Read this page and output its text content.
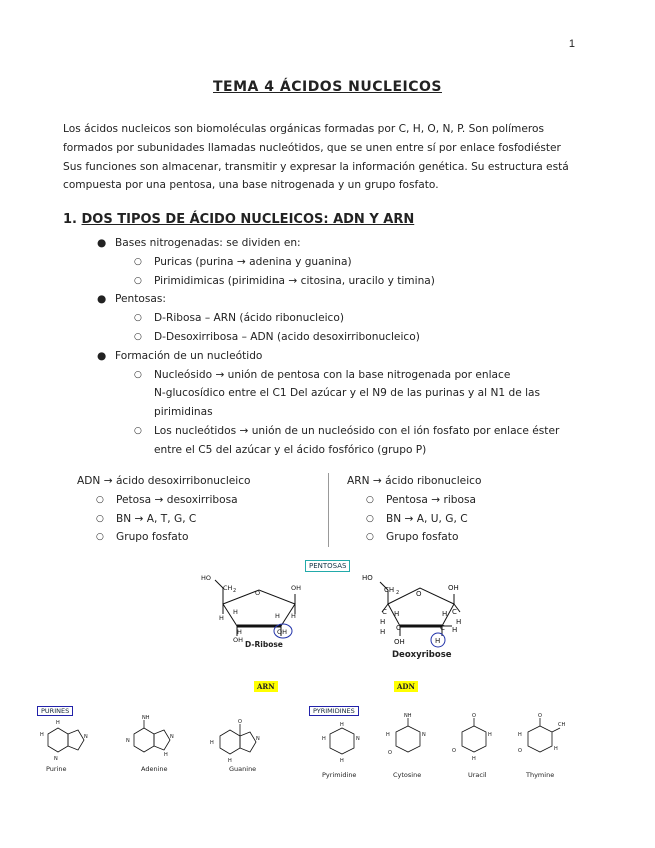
1
TEMA 4 ÁCIDOS NUCLEICOS

Los ácidos nucleicos son biomoléculas orgánicas formadas por C, H, O, N, P. Son polímeros

formados por subunidades llamadas nucleótidos, que se unen entre sí por enlace fosfodiéster

Sus funciones son almacenar, transmitir y expresar la información genética. Su estructura está

compuesta por una pentosa, una base nitrogenada y un grupo fosfato.

1. DOS TIPOS DE ÁCIDO NUCLEICOS: ADN Y ARN
● Bases nitrogenadas: se dividen en:
○ Puricas (purina → adenina y guanina)
○ Pirimidimicas (pirimidina → citosina, uracilo y timina)
● Pentosas:
○ D-Ribosa – ARN (ácido ribonucleico)
○ D-Desoxirribosa – ADN (acido desoxirribonucleico)
● Formación de un nucleótido
○ Nucleósido → unión de pentosa con la base nitrogenada por enlace
N-glucosídico entre el C1 Del azúcar y el N9 de las purinas y al N1 de las
pirimidinas
○ Los nucleótidos → unión de un nucleósido con el ión fosfato por enlace éster
entre el C5 del azúcar y el ácido fosfórico (grupo P)
ADN → ácido desoxirribonucleico
○ Petosa → desoxirribosa
○ BN → A, T, G, C
○ Grupo fosfato
ARN → ácido ribonucleico
○ Pentosa → ribosa
○ BN → A, U, G, C
○ Grupo fosfato
PENTOSAS
HO
CH 2	O
OH
H	H
H	H
H
OH
OH
D-Ribose
HO
CH 2 O
OH
C	C
H	H
H	H
C	C H
H
OH	H
Deoxyribose
ARN	ADN
PURINES	PYRIMIDINES
H	N
H
N
Purine
NH
N
N
H
Adenine
O
N
H
H
Guanine
H
H	N
H
Pyrimidine
NH
H	N
O
Cytosine
O
O
H
H
Uracil
O
CH
H
O	H
Thymine
